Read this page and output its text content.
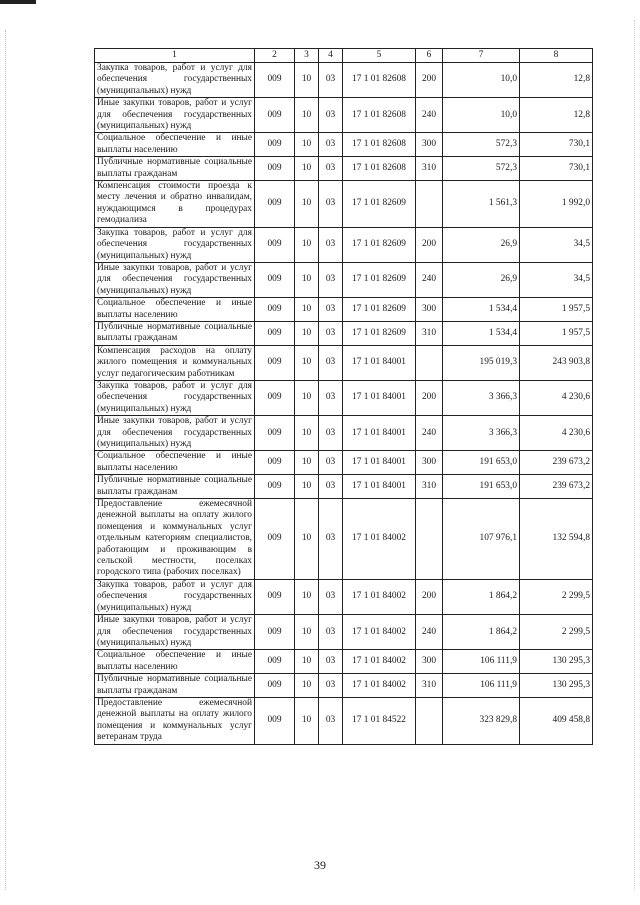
1	2	3	4	5	6	7	8
Закупка товаров, работ и услуг для обеспечения государственных (муниципальных) нужд	009	10	03	17 1 01 82608	200	10,0	12,8
Иные закупки товаров, работ и услуг для обеспечения государственных (муниципальных) нужд	009	10	03	17 1 01 82608	240	10,0	12,8
Социальное обеспечение и иные выплаты населению	009	10	03	17 1 01 82608	300	572,3	730,1
Публичные нормативные социальные выплаты гражданам	009	10	03	17 1 01 82608	310	572,3	730,1
Компенсация стоимости проезда к месту лечения и обратно инвалидам, нуждающимся в процедурах гемодиализа	009	10	03	17 1 01 82609		1 561,3	1 992,0
Закупка товаров, работ и услуг для обеспечения государственных (муниципальных) нужд	009	10	03	17 1 01 82609	200	26,9	34,5
Иные закупки товаров, работ и услуг для обеспечения государственных (муниципальных) нужд	009	10	03	17 1 01 82609	240	26,9	34,5
Социальное обеспечение и иные выплаты населению	009	10	03	17 1 01 82609	300	1 534,4	1 957,5
Публичные нормативные социальные выплаты гражданам	009	10	03	17 1 01 82609	310	1 534,4	1 957,5
Компенсация расходов на оплату жилого помещения и коммунальных услуг педагогическим работникам	009	10	03	17 1 01 84001		195 019,3	243 903,8
Закупка товаров, работ и услуг для обеспечения государственных (муниципальных) нужд	009	10	03	17 1 01 84001	200	3 366,3	4 230,6
Иные закупки товаров, работ и услуг для обеспечения государственных (муниципальных) нужд	009	10	03	17 1 01 84001	240	3 366,3	4 230,6
Социальное обеспечение и иные выплаты населению	009	10	03	17 1 01 84001	300	191 653,0	239 673,2
Публичные нормативные социальные выплаты гражданам	009	10	03	17 1 01 84001	310	191 653,0	239 673,2
Предоставление ежемесячной денежной выплаты на оплату жилого помещения и коммунальных услуг отдельным категориям специалистов, работающим и проживающим в сельской местности, поселках городского типа (рабочих поселках)	009	10	03	17 1 01 84002		107 976,1	132 594,8
Закупка товаров, работ и услуг для обеспечения государственных (муниципальных) нужд	009	10	03	17 1 01 84002	200	1 864,2	2 299,5
Иные закупки товаров, работ и услуг для обеспечения государственных (муниципальных) нужд	009	10	03	17 1 01 84002	240	1 864,2	2 299,5
Социальное обеспечение и иные выплаты населению	009	10	03	17 1 01 84002	300	106 111,9	130 295,3
Публичные нормативные социальные выплаты гражданам	009	10	03	17 1 01 84002	310	106 111,9	130 295,3
Предоставление ежемесячной денежной выплаты на оплату жилого помещения и коммунальных услуг ветеранам труда	009	10	03	17 1 01 84522		323 829,8	409 458,8
39
